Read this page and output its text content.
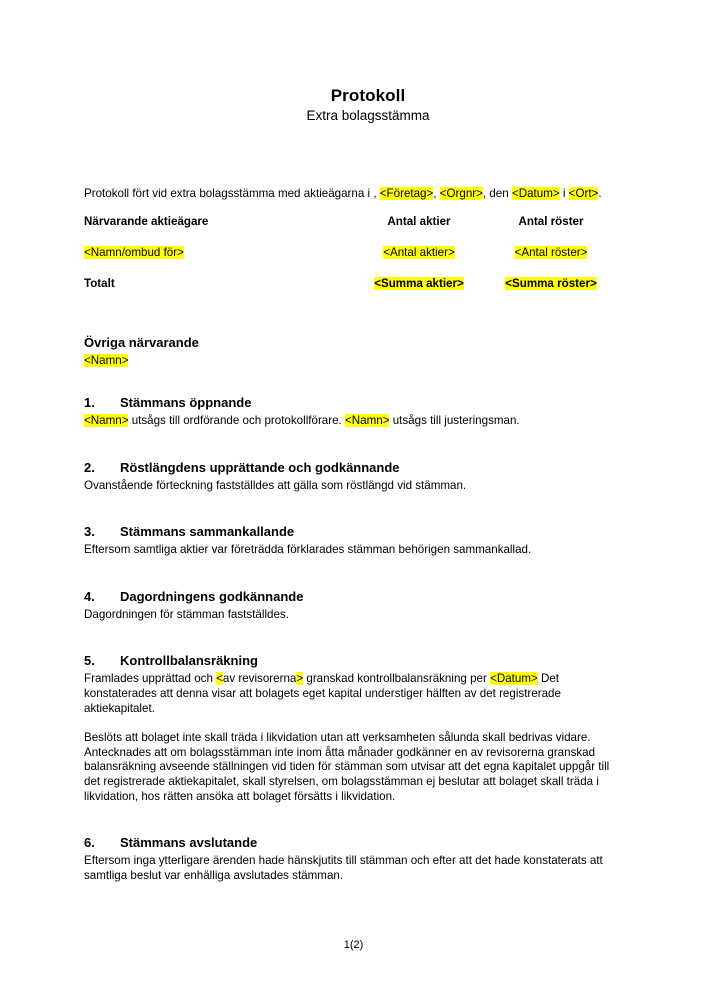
Protokoll
Extra bolagsstämma

Protokoll fört vid extra bolagsstämma med aktieägarna i , <Företag>, <Orgnr>, den <Datum> i <Ort>.

Närvarande aktieägare	Antal aktier	Antal röster
<Namn/ombud för>	<Antal aktier>	<Antal röster>
Totalt	<Summa aktier>	<Summa röster>
Övriga närvarande
<Namn>
1. Stämmans öppnande

<Namn> utsågs till ordförande och protokollförare. <Namn> utsågs till justeringsman.

2. Röstlängdens upprättande och godkännande

Ovanstående förteckning fastställdes att gälla som röstlängd vid stämman.

3. Stämmans sammankallande

Eftersom samtliga aktier var företrädda förklarades stämman behörigen sammankallad.

4. Dagordningens godkännande

Dagordningen för stämman fastställdes.

5. Kontrollbalansräkning

Framlades upprättad och <av revisorerna> granskad kontrollbalansräkning per <Datum> Det konstaterades att denna visar att bolagets eget kapital understiger hälften av det registrerade aktiekapitalet.

Beslöts att bolaget inte skall träda i likvidation utan att verksamheten sålunda skall bedrivas vidare. Antecknades att om bolagsstämman inte inom åtta månader godkänner en av revisorerna granskad balansräkning avseende ställningen vid tiden för stämman som utvisar att det egna kapitalet uppgår till det registrerade aktiekapitalet, skall styrelsen, om bolagsstämman ej beslutar att bolaget skall träda i likvidation, hos rätten ansöka att bolaget försätts i likvidation.

6. Stämmans avslutande

Eftersom inga ytterligare ärenden hade hänskjutits till stämman och efter att det hade konstaterats att samtliga beslut var enhälliga avslutades stämman.

1(2)
